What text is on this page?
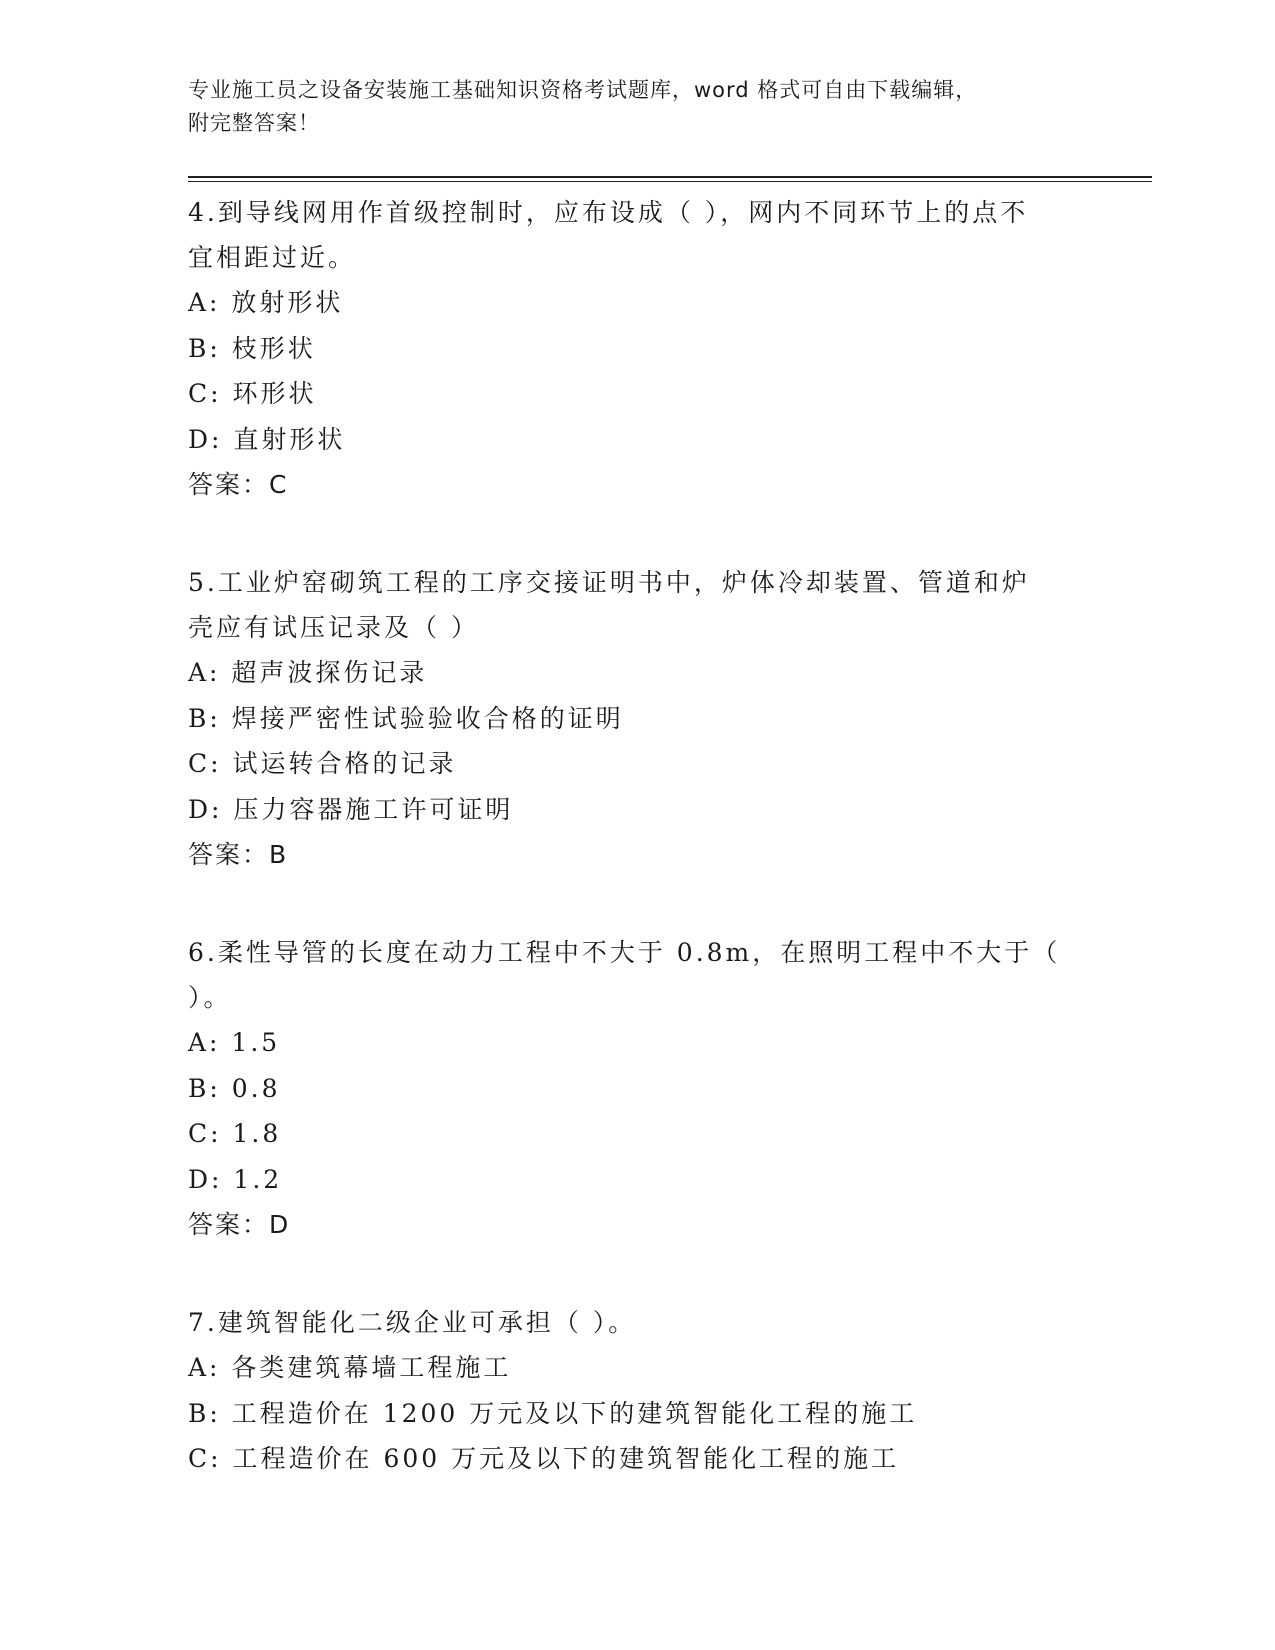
专业施工员之设备安装施工基础知识资格考试题库，word 格式可自由下载编辑，
附完整答案！

4.到导线网用作首级控制时，应布设成（ ），网内不同环节上的点不
宜相距过近。

A: 放射形状

B: 枝形状

C: 环形状

D: 直射形状

答案：C

5.工业炉窑砌筑工程的工序交接证明书中，炉体冷却装置、管道和炉
壳应有试压记录及（ ）

A: 超声波探伤记录

B: 焊接严密性试验验收合格的证明

C: 试运转合格的记录

D: 压力容器施工许可证明

答案：B

6.柔性导管的长度在动力工程中不大于 0.8m，在照明工程中不大于（
）。

A: 1.5

B: 0.8

C: 1.8

D: 1.2

答案：D

7.建筑智能化二级企业可承担（ ）。

A: 各类建筑幕墙工程施工

B: 工程造价在 1200 万元及以下的建筑智能化工程的施工

C: 工程造价在 600 万元及以下的建筑智能化工程的施工
